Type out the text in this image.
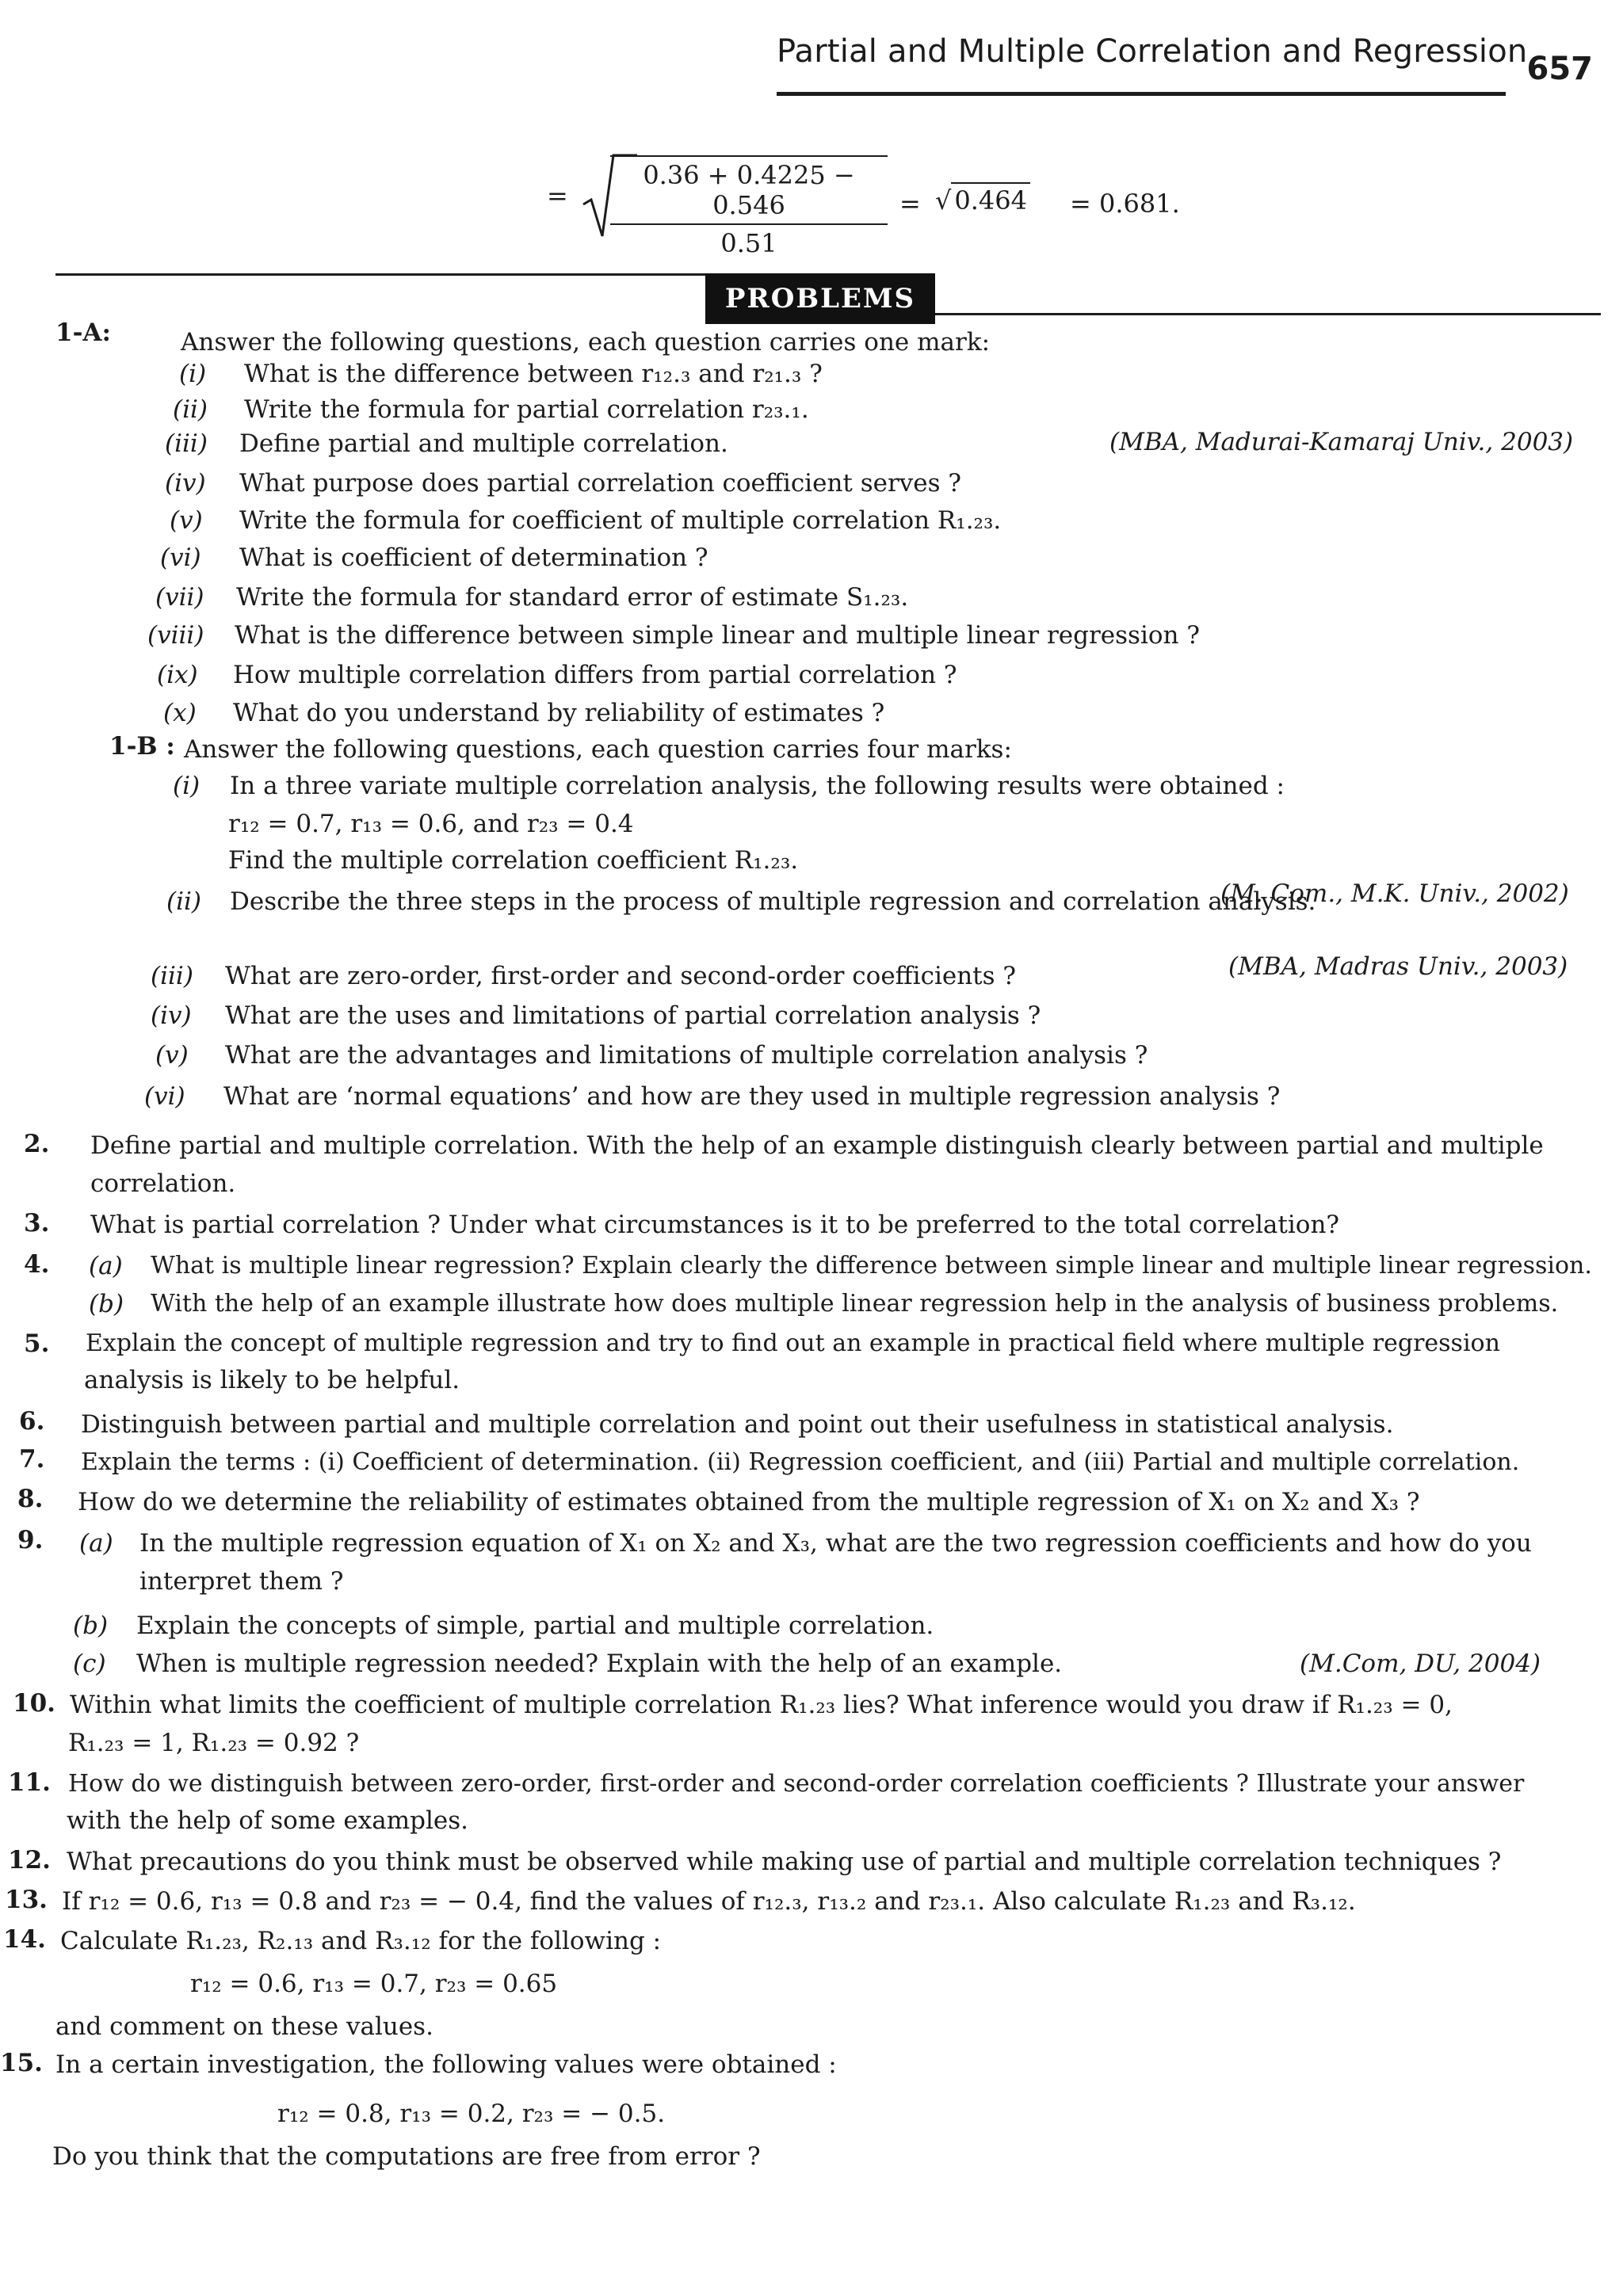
Partial and Multiple Correlation and Regression 657
=
0.36 + 0.4225 − 0.546
0.51
= √ 0.464 = 0.681.
PROBLEMS
1-A:	Answer the following questions, each question carries one mark:
(i) What is the difference between r₁₂.₃ and r₂₁.₃ ?
(ii) Write the formula for partial correlation r₂₃.₁.
(iii) Define partial and multiple correlation.	(MBA, Madurai-Kamaraj Univ., 2003)
(iv) What purpose does partial correlation coefficient serves ?
(v) Write the formula for coefficient of multiple correlation R₁.₂₃.
(vi) What is coefficient of determination ?
(vii) Write the formula for standard error of estimate S₁.₂₃.
(viii) What is the difference between simple linear and multiple linear regression ?
(ix) How multiple correlation differs from partial correlation ?
(x) What do you understand by reliability of estimates ?
1-B : Answer the following questions, each question carries four marks:
(i) In a three variate multiple correlation analysis, the following results were obtained :
r₁₂ = 0.7, r₁₃ = 0.6, and r₂₃ = 0.4
Find the multiple correlation coefficient R₁.₂₃.
(M. Com., M.K. Univ., 2002)
(ii) Describe the three steps in the process of multiple regression and correlation analysis.
(MBA, Madras Univ., 2003)
(iii) What are zero-order, first-order and second-order coefficients ?
(iv) What are the uses and limitations of partial correlation analysis ?
(v) What are the advantages and limitations of multiple correlation analysis ?
(vi) What are ‘normal equations’ and how are they used in multiple regression analysis ?
2. Define partial and multiple correlation. With the help of an example distinguish clearly between partial and multiple
correlation.
3. What is partial correlation ? Under what circumstances is it to be preferred to the total correlation?
4. (a) What is multiple linear regression? Explain clearly the difference between simple linear and multiple linear regression.
(b) With the help of an example illustrate how does multiple linear regression help in the analysis of business problems.
5. Explain the concept of multiple regression and try to find out an example in practical field where multiple regression
analysis is likely to be helpful.
6. Distinguish between partial and multiple correlation and point out their usefulness in statistical analysis.
7. Explain the terms : (i) Coefficient of determination. (ii) Regression coefficient, and (iii) Partial and multiple correlation.
8. How do we determine the reliability of estimates obtained from the multiple regression of X₁ on X₂ and X₃ ?
9. (a) In the multiple regression equation of X₁ on X₂ and X₃, what are the two regression coefficients and how do you
interpret them ?
(b) Explain the concepts of simple, partial and multiple correlation.
(c) When is multiple regression needed? Explain with the help of an example.	(M.Com, DU, 2004)
10. Within what limits the coefficient of multiple correlation R₁.₂₃ lies? What inference would you draw if R₁.₂₃ = 0,
R₁.₂₃ = 1, R₁.₂₃ = 0.92 ?
11. How do we distinguish between zero-order, first-order and second-order correlation coefficients ? Illustrate your answer
with the help of some examples.
12. What precautions do you think must be observed while making use of partial and multiple correlation techniques ?
13. If r₁₂ = 0.6, r₁₃ = 0.8 and r₂₃ = − 0.4, find the values of r₁₂.₃, r₁₃.₂ and r₂₃.₁. Also calculate R₁.₂₃ and R₃.₁₂.
14. Calculate R₁.₂₃, R₂.₁₃ and R₃.₁₂ for the following :
r₁₂ = 0.6, r₁₃ = 0.7, r₂₃ = 0.65
and comment on these values.
15. In a certain investigation, the following values were obtained :
r₁₂ = 0.8, r₁₃ = 0.2, r₂₃ = − 0.5.
Do you think that the computations are free from error ?
